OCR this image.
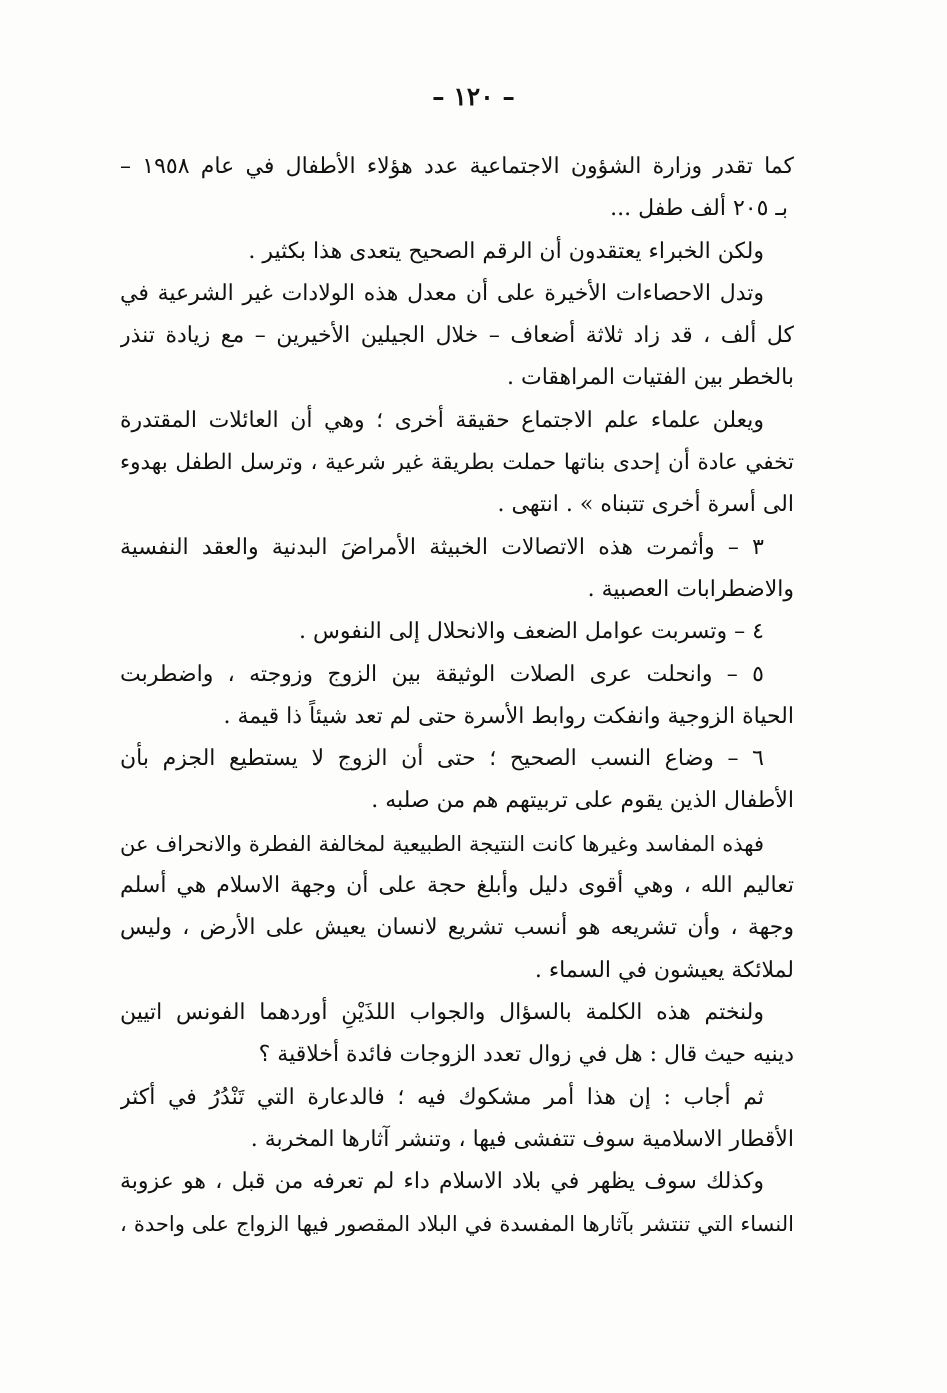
– ١٢٠ –
كما تقدر وزارة الشؤون الاجتماعية عدد هؤلاء الأطفال في عام ١٩٥٨ –
بـ ٢٠٥ ألف طفل ...
ولكن الخبراء يعتقدون أن الرقم الصحيح يتعدى هذا بكثير .
وتدل الاحصاءات الأخيرة على أن معدل هذه الولادات غير الشرعية في
كل ألف ، قد زاد ثلاثة أضعاف – خلال الجيلين الأخيرين – مع زيادة تنذر
بالخطر بين الفتيات المراهقات .
ويعلن علماء علم الاجتماع حقيقة أخرى ؛ وهي أن العائلات المقتدرة
تخفي عادة أن إحدى بناتها حملت بطريقة غير شرعية ، وترسل الطفل بهدوء
الى أسرة أخرى تتبناه » . انتهى .
٣ – وأثمرت هذه الاتصالات الخبيثة الأمراضَ البدنية والعقد النفسية
والاضطرابات العصبية .
٤ – وتسربت عوامل الضعف والانحلال إلى النفوس .
٥ – وانحلت عرى الصلات الوثيقة بين الزوج وزوجته ، واضطربت
الحياة الزوجية وانفكت روابط الأسرة حتى لم تعد شيئاً ذا قيمة .
٦ – وضاع النسب الصحيح ؛ حتى أن الزوج لا يستطيع الجزم بأن
الأطفال الذين يقوم على تربيتهم هم من صلبه .
فهذه المفاسد وغيرها كانت النتيجة الطبيعية لمخالفة الفطرة والانحراف عن
تعاليم الله ، وهي أقوى دليل وأبلغ حجة على أن وجهة الاسلام هي أسلم
وجهة ، وأن تشريعه هو أنسب تشريع لانسان يعيش على الأرض ، وليس
لملائكة يعيشون في السماء .
ولنختم هذه الكلمة بالسؤال والجواب اللذَيْنِ أوردهما الفونس اتيين
دينيه حيث قال : هل في زوال تعدد الزوجات فائدة أخلاقية ؟
ثم أجاب : إن هذا أمر مشكوك فيه ؛ فالدعارة التي تَنْدُرُ في أكثر
الأقطار الاسلامية سوف تتفشى فيها ، وتنشر آثارها المخربة .
وكذلك سوف يظهر في بلاد الاسلام داء لم تعرفه من قبل ، هو عزوبة
النساء التي تنتشر بآثارها المفسدة في البلاد المقصور فيها الزواج على واحدة ،
